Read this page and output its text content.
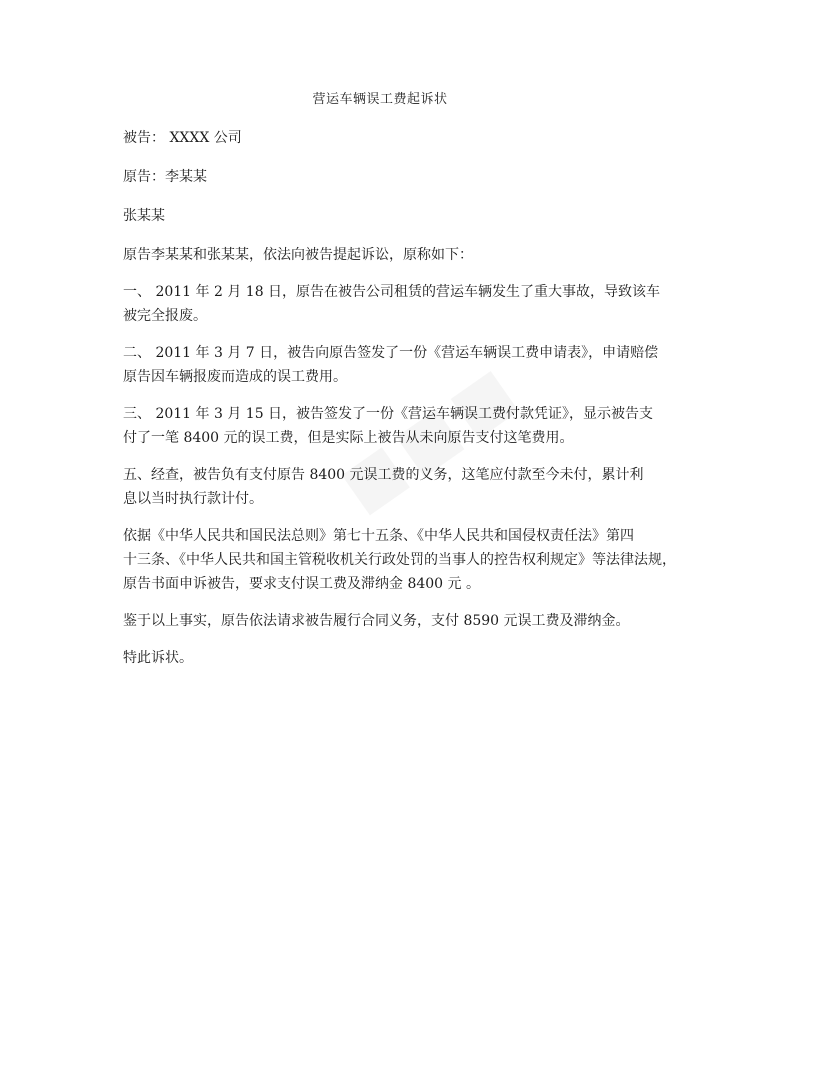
营运车辆误工费起诉状

被告： XXXX 公司

原告：李某某

张某某

原告李某某和张某某，依法向被告提起诉讼，原称如下：

一、 2011 年 2 月 18 日，原告在被告公司租赁的营运车辆发生了重大事故，导致该车

被完全报废。

二、 2011 年 3 月 7 日，被告向原告签发了一份《营运车辆误工费申请表》，申请赔偿

原告因车辆报废而造成的误工费用。

三、 2011 年 3 月 15 日，被告签发了一份《营运车辆误工费付款凭证》，显示被告支

付了一笔 8400 元的误工费，但是实际上被告从未向原告支付这笔费用。

五、经查，被告负有支付原告 8400 元误工费的义务，这笔应付款至今未付，累计利

息以当时执行款计付。

依据《中华人民共和国民法总则》第七十五条、《中华人民共和国侵权责任法》第四

十三条、《中华人民共和国主管税收机关行政处罚的当事人的控告权利规定》等法律法规，

原告书面申诉被告，要求支付误工费及滞纳金 8400 元 。

鉴于以上事实，原告依法请求被告履行合同义务，支付 8590 元误工费及滞纳金。

特此诉状。
